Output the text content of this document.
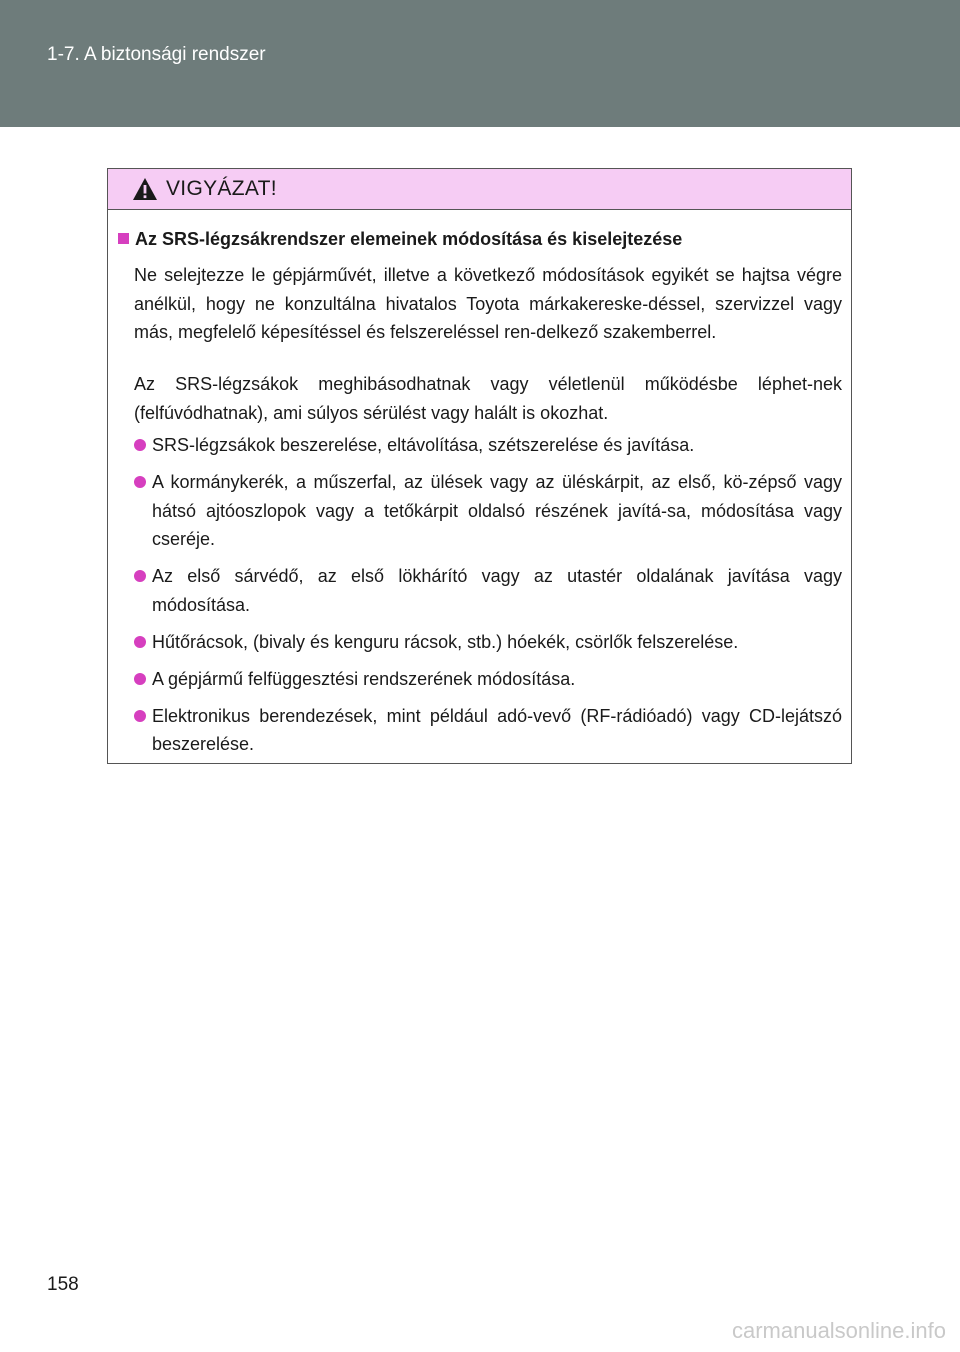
1-7. A biztonsági rendszer
VIGYÁZAT!
Az SRS-légzsákrendszer elemeinek módosítása és kiselejtezése
Ne selejtezze le gépjárművét, illetve a következő módosítások egyikét se hajtsa végre anélkül, hogy ne konzultálna hivatalos Toyota márkakereske-déssel, szervizzel vagy más, megfelelő képesítéssel és felszereléssel ren-delkező szakemberrel.
Az SRS-légzsákok meghibásodhatnak vagy véletlenül működésbe léphet-nek (felfúvódhatnak), ami súlyos sérülést vagy halált is okozhat.
SRS-légzsákok beszerelése, eltávolítása, szétszerelése és javítása.
A kormánykerék, a műszerfal, az ülések vagy az üléskárpit, az első, kö-zépső vagy hátsó ajtóoszlopok vagy a tetőkárpit oldalsó részének javítá-sa, módosítása vagy cseréje.
Az első sárvédő, az első lökhárító vagy az utastér oldalának javítása vagy módosítása.
Hűtőrácsok, (bivaly és kenguru rácsok, stb.) hóekék, csörlők felszerelése.
A gépjármű felfüggesztési rendszerének módosítása.
Elektronikus berendezések, mint például adó-vevő (RF-rádióadó) vagy CD-lejátszó beszerelése.
158
carmanualsonline.info
